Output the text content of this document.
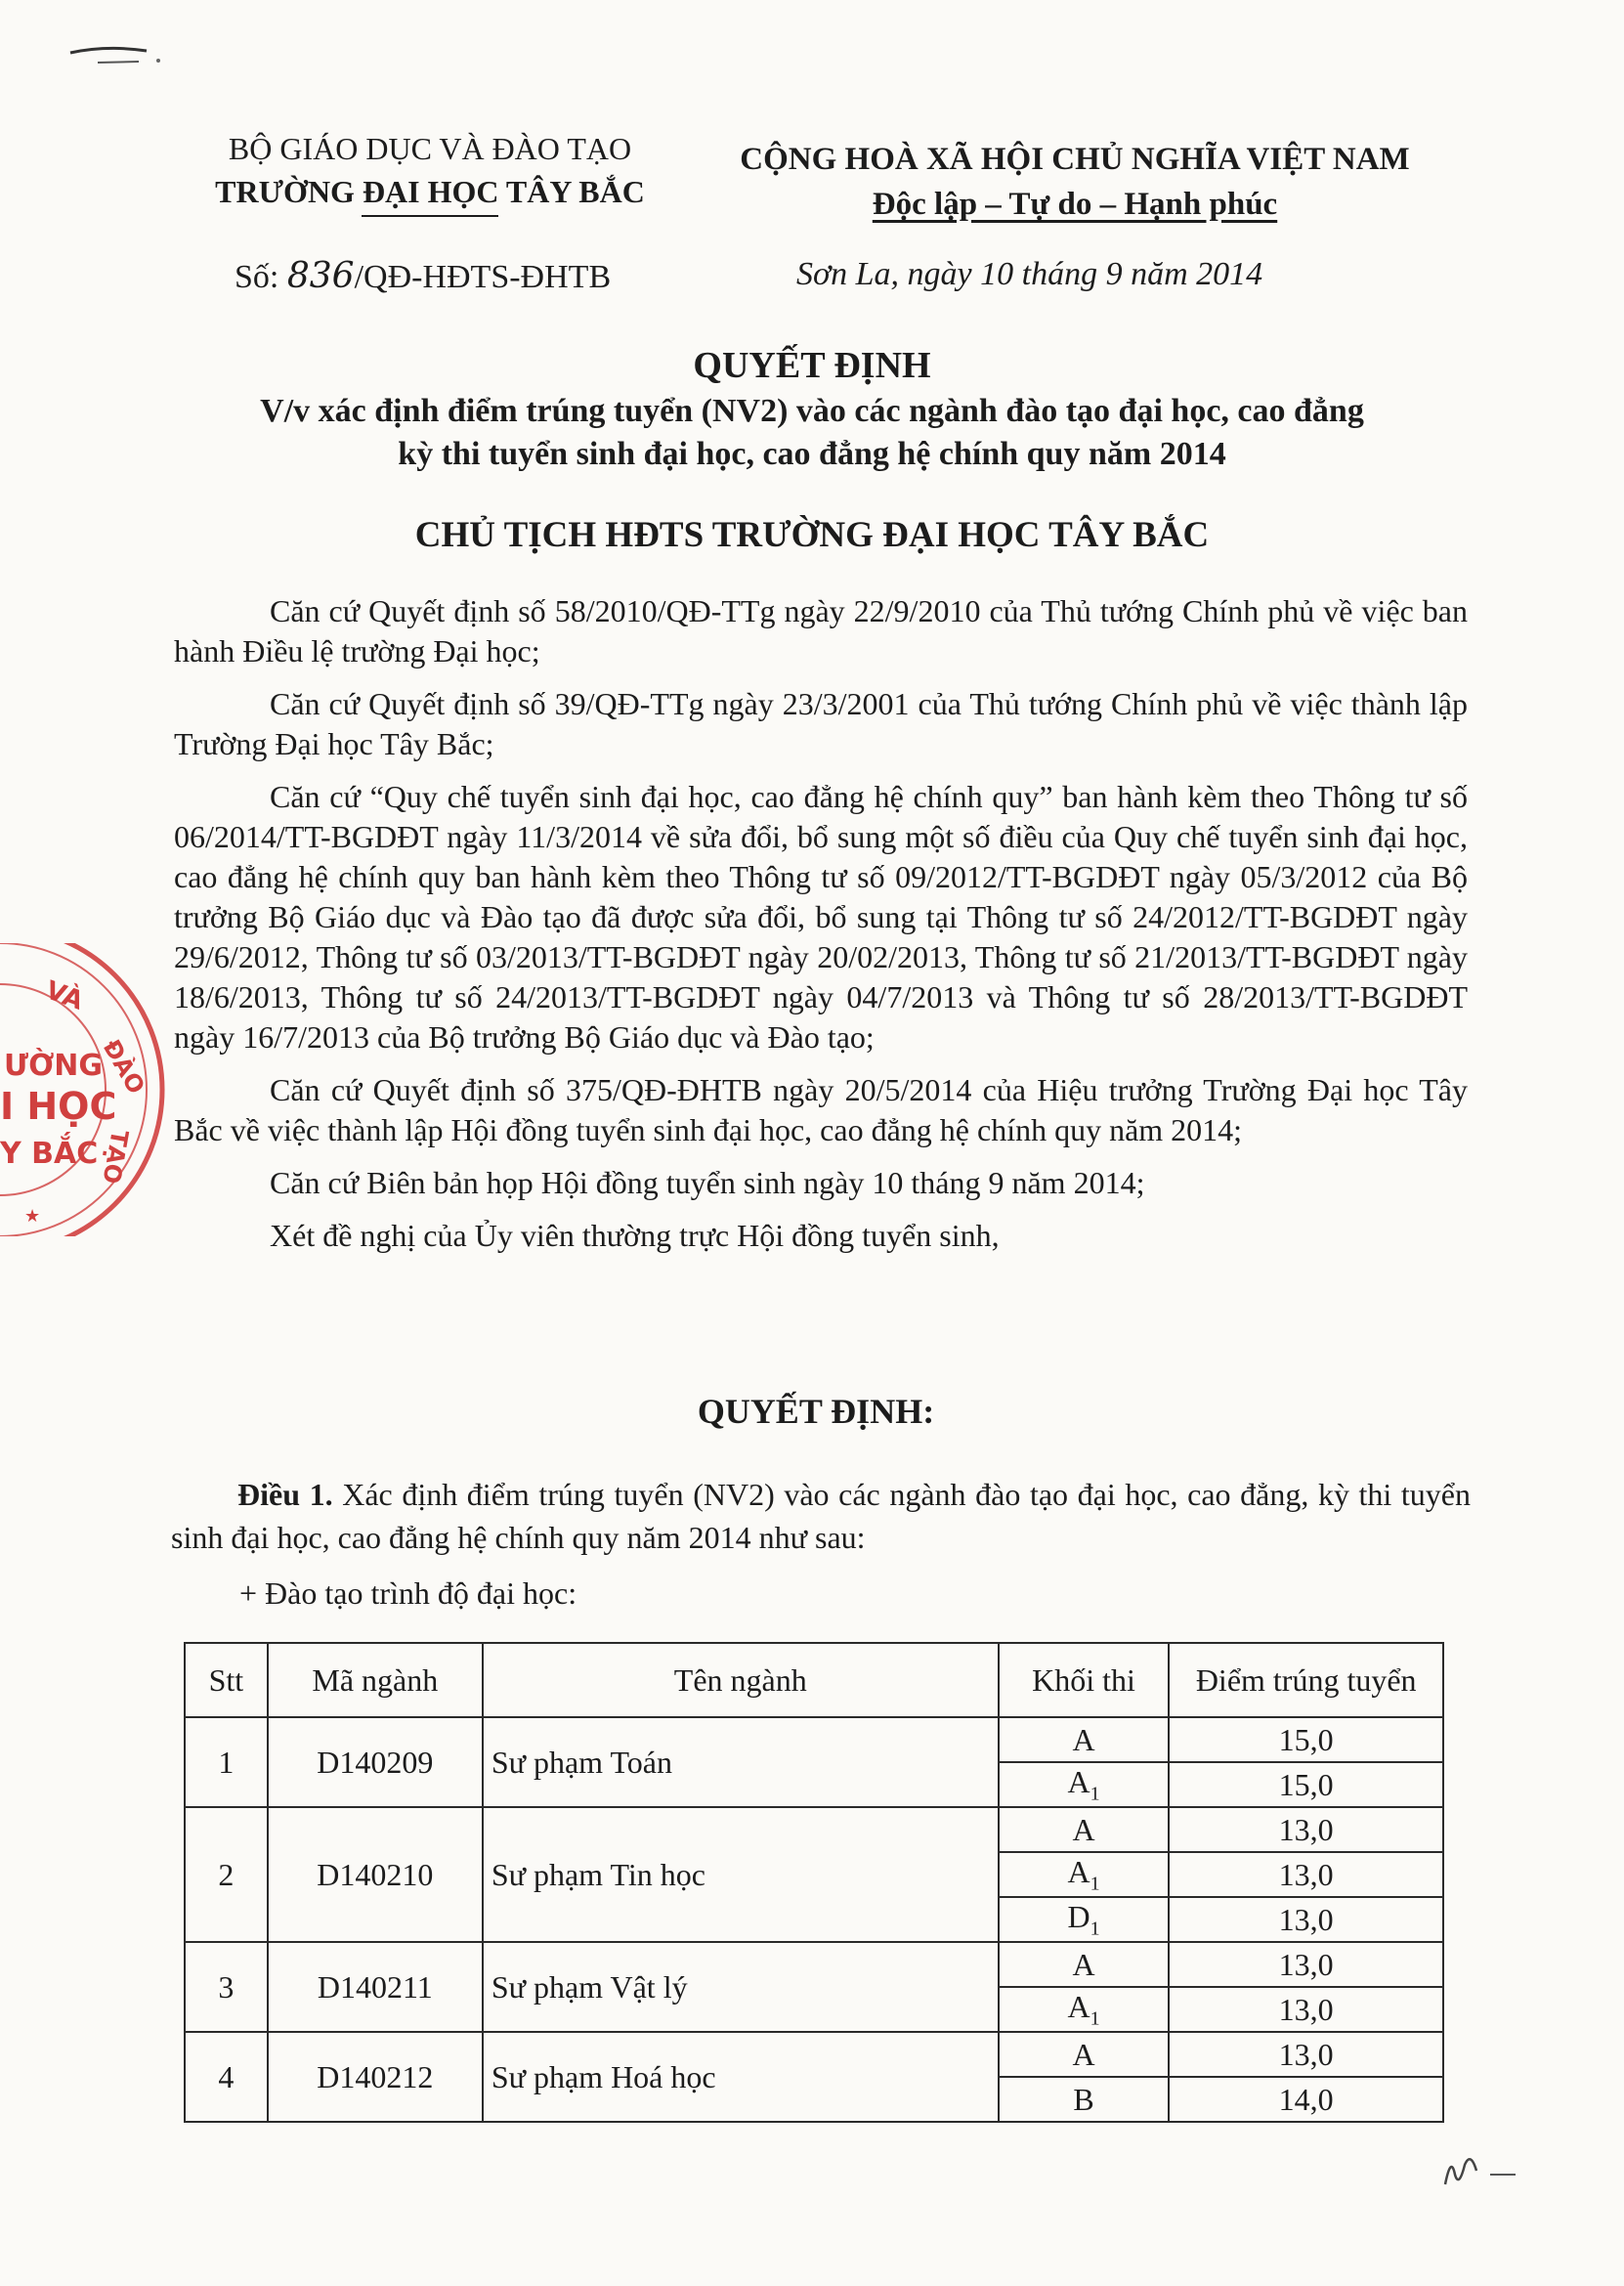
BỘ GIÁO DỤC VÀ ĐÀO TẠO
TRƯỜNG ĐẠI HỌC TÂY BẮC
CỘNG HOÀ XÃ HỘI CHỦ NGHĨA VIỆT NAM
Độc lập – Tự do – Hạnh phúc
Số: 836/QĐ-HĐTS-ĐHTB	Sơn La, ngày 10 tháng 9 năm 2014
QUYẾT ĐỊNH
V/v xác định điểm trúng tuyển (NV2) vào các ngành đào tạo đại học, cao đẳng
kỳ thi tuyển sinh đại học, cao đẳng hệ chính quy năm 2014
CHỦ TỊCH HĐTS TRƯỜNG ĐẠI HỌC TÂY BẮC

Căn cứ Quyết định số 58/2010/QĐ-TTg ngày 22/9/2010 của Thủ tướng Chính phủ về việc ban hành Điều lệ trường Đại học;

Căn cứ Quyết định số 39/QĐ-TTg ngày 23/3/2001 của Thủ tướng Chính phủ về việc thành lập Trường Đại học Tây Bắc;

Căn cứ “Quy chế tuyển sinh đại học, cao đẳng hệ chính quy” ban hành kèm theo Thông tư số 06/2014/TT-BGDĐT ngày 11/3/2014 về sửa đổi, bổ sung một số điều của Quy chế tuyển sinh đại học, cao đẳng hệ chính quy ban hành kèm theo Thông tư số 09/2012/TT-BGDĐT ngày 05/3/2012 của Bộ trưởng Bộ Giáo dục và Đào tạo đã được sửa đổi, bổ sung tại Thông tư số 24/2012/TT-BGDĐT ngày 29/6/2012, Thông tư số 03/2013/TT-BGDĐT ngày 20/02/2013, Thông tư số 21/2013/TT-BGDĐT ngày 18/6/2013, Thông tư số 24/2013/TT-BGDĐT ngày 04/7/2013 và Thông tư số 28/2013/TT-BGDĐT ngày 16/7/2013 của Bộ trưởng Bộ Giáo dục và Đào tạo;

Căn cứ Quyết định số 375/QĐ-ĐHTB ngày 20/5/2014 của Hiệu trưởng Trường Đại học Tây Bắc về việc thành lập Hội đồng tuyển sinh đại học, cao đẳng hệ chính quy năm 2014;

Căn cứ Biên bản họp Hội đồng tuyển sinh ngày 10 tháng 9 năm 2014;

Xét đề nghị của Ủy viên thường trực Hội đồng tuyển sinh,

QUYẾT ĐỊNH:
Điều 1. Xác định điểm trúng tuyển (NV2) vào các ngành đào tạo đại học, cao đẳng, kỳ thi tuyển sinh đại học, cao đẳng hệ chính quy năm 2014 như sau:
+ Đào tạo trình độ đại học:
Stt	Mã ngành	Tên ngành	Khối thi	Điểm trúng tuyển
1	D140209	Sư phạm Toán	A	15,0
			$A_1$	15,0
2	D140210	Sư phạm Tin học	A	13,0
			$A_1$	13,0
			$D_1$	13,0
3	D140211	Sư phạm Vật lý	A	13,0
			$A_1$	13,0
4	D140212	Sư phạm Hoá học	A	13,0
			B	14,0
VÀ
ĐÀO
TẠO
ƯỜNG
I HỌC
Y BẮC
★
